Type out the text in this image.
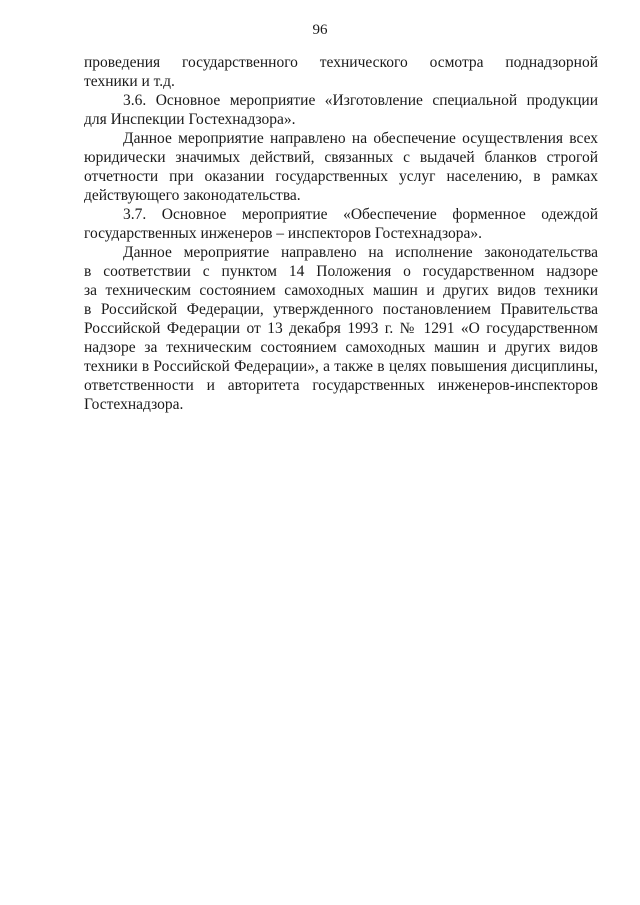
96
проведения государственного технического осмотра поднадзорной
техники и т.д.
3.6. Основное мероприятие «Изготовление специальной продукции
для Инспекции Гостехнадзора».
Данное мероприятие направлено на обеспечение осуществления всех
юридически значимых действий, связанных с выдачей бланков строгой
отчетности при оказании государственных услуг населению, в рамках
действующего законодательства.
3.7. Основное мероприятие «Обеспечение форменное одеждой
государственных инженеров – инспекторов Гостехнадзора».
Данное мероприятие направлено на исполнение законодательства
в соответствии с пунктом 14 Положения о государственном надзоре
за техническим состоянием самоходных машин и других видов техники
в Российской Федерации, утвержденного постановлением Правительства
Российской Федерации от 13 декабря 1993 г. № 1291 «О государственном
надзоре за техническим состоянием самоходных машин и других видов
техники в Российской Федерации», а также в целях повышения дисциплины,
ответственности и авторитета государственных инженеров-инспекторов
Гостехнадзора.
